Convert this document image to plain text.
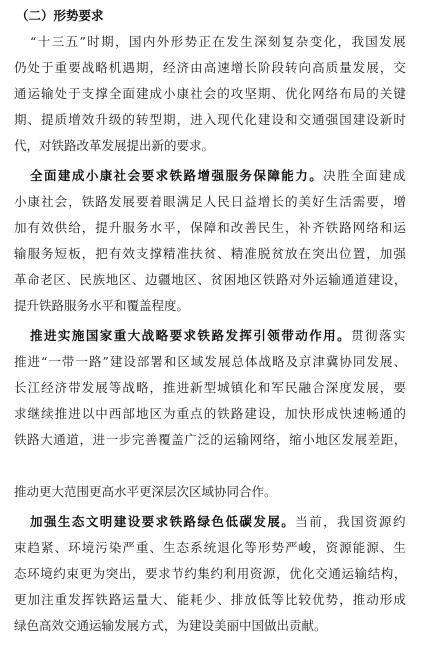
（二）形势要求
“十三五”时期，国内外形势正在发生深刻复杂变化，我国发展
仍处于重要战略机遇期，经济由高速增长阶段转向高质量发展，交
通运输处于支撑全面建成小康社会的攻坚期、优化网络布局的关键
期、提质增效升级的转型期，进入现代化建设和交通强国建设新时
代，对铁路改革发展提出新的要求。
全面建成小康社会要求铁路增强服务保障能力。决胜全面建成
小康社会，铁路发展要着眼满足人民日益增长的美好生活需要，增
加有效供给，提升服务水平，保障和改善民生，补齐铁路网络和运
输服务短板，把有效支撑精准扶贫、精准脱贫放在突出位置，加强
革命老区、民族地区、边疆地区、贫困地区铁路对外运输通道建设，
提升铁路服务水平和覆盖程度。
推进实施国家重大战略要求铁路发挥引领带动作用。贯彻落实
推进“一带一路”建设部署和区域发展总体战略及京津冀协同发展、
长江经济带发展等战略，推进新型城镇化和军民融合深度发展，要
求继续推进以中西部地区为重点的铁路建设，加快形成快速畅通的
铁路大通道，进一步完善覆盖广泛的运输网络，缩小地区发展差距，
推动更大范围更高水平更深层次区域协同合作。
加强生态文明建设要求铁路绿色低碳发展。当前，我国资源约
束趋紧、环境污染严重、生态系统退化等形势严峻，资源能源、生
态环境约束更为突出，要求节约集约利用资源，优化交通运输结构，
更加注重发挥铁路运量大、能耗少、排放低等比较优势，推动形成
绿色高效交通运输发展方式，为建设美丽中国做出贡献。
